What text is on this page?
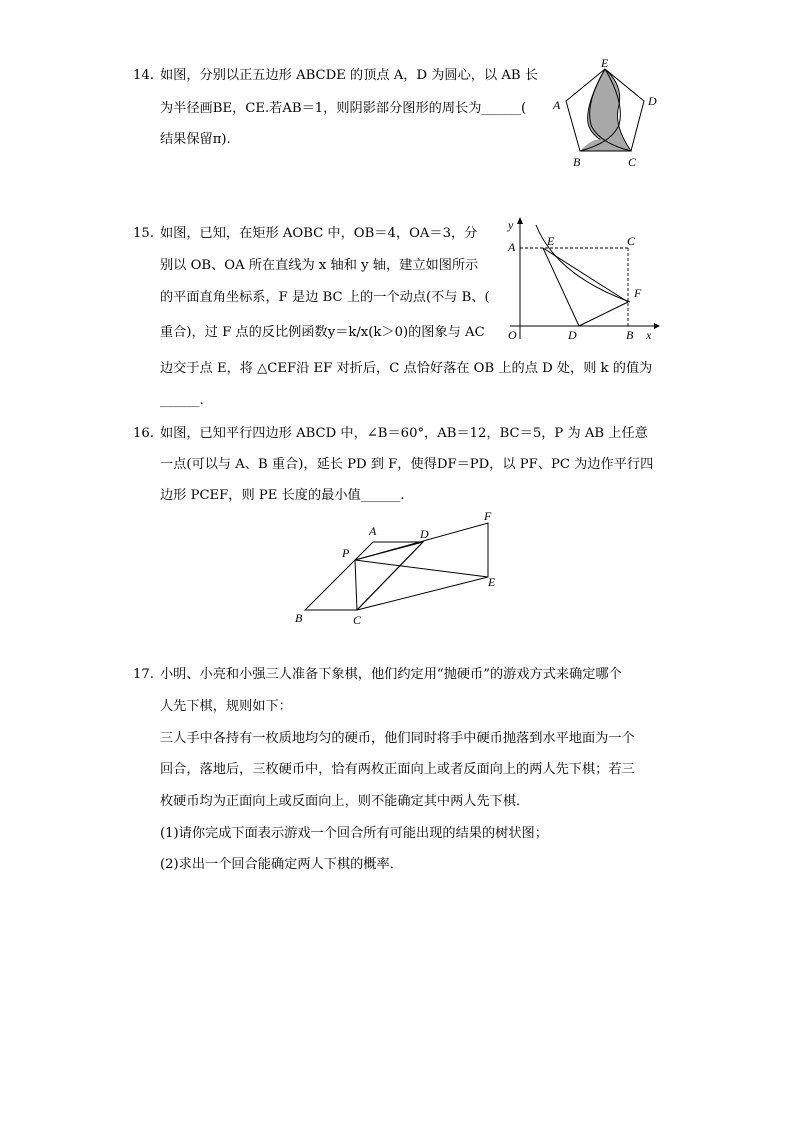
14. 如图，分别以正五边形 ABCDE 的顶点 A，D 为圆心，以 AB 长
为半径画BE，CE.若AB＝1，则阴影部分图形的周长为______(
结果保留π).
E
A	D
B	C
15. 如图，已知，在矩形 AOBC 中，OB＝4，OA＝3，分
别以 OB、OA 所在直线为 x 轴和 y 轴，建立如图所示
的平面直角坐标系，F 是边 BC 上的一个动点(不与 B、(
重合)，过 F 点的反比例函数y＝k/x(k＞0)的图象与 AC
边交于点 E，将 △CEF沿 EF 对折后，C 点恰好落在 OB 上的点 D 处，则 k 的值为
______.
y
A	E	C
F
O	D	B x
16. 如图，已知平行四边形 ABCD 中，∠B＝60°，AB＝12，BC＝5，P 为 AB 上任意
一点(可以与 A、B 重合)，延长 PD 到 F，使得DF＝PD，以 PF、PC 为边作平行四
边形 PCEF，则 PE 长度的最小值______.
A	D
F
P
E
B	C
17. 小明、小亮和小强三人准备下象棋，他们约定用“抛硬币”的游戏方式来确定哪个
人先下棋，规则如下：
三人手中各持有一枚质地均匀的硬币，他们同时将手中硬币抛落到水平地面为一个
回合，落地后，三枚硬币中，恰有两枚正面向上或者反面向上的两人先下棋；若三
枚硬币均为正面向上或反面向上，则不能确定其中两人先下棋．
(1)请你完成下面表示游戏一个回合所有可能出现的结果的树状图；
(2)求出一个回合能确定两人下棋的概率．
